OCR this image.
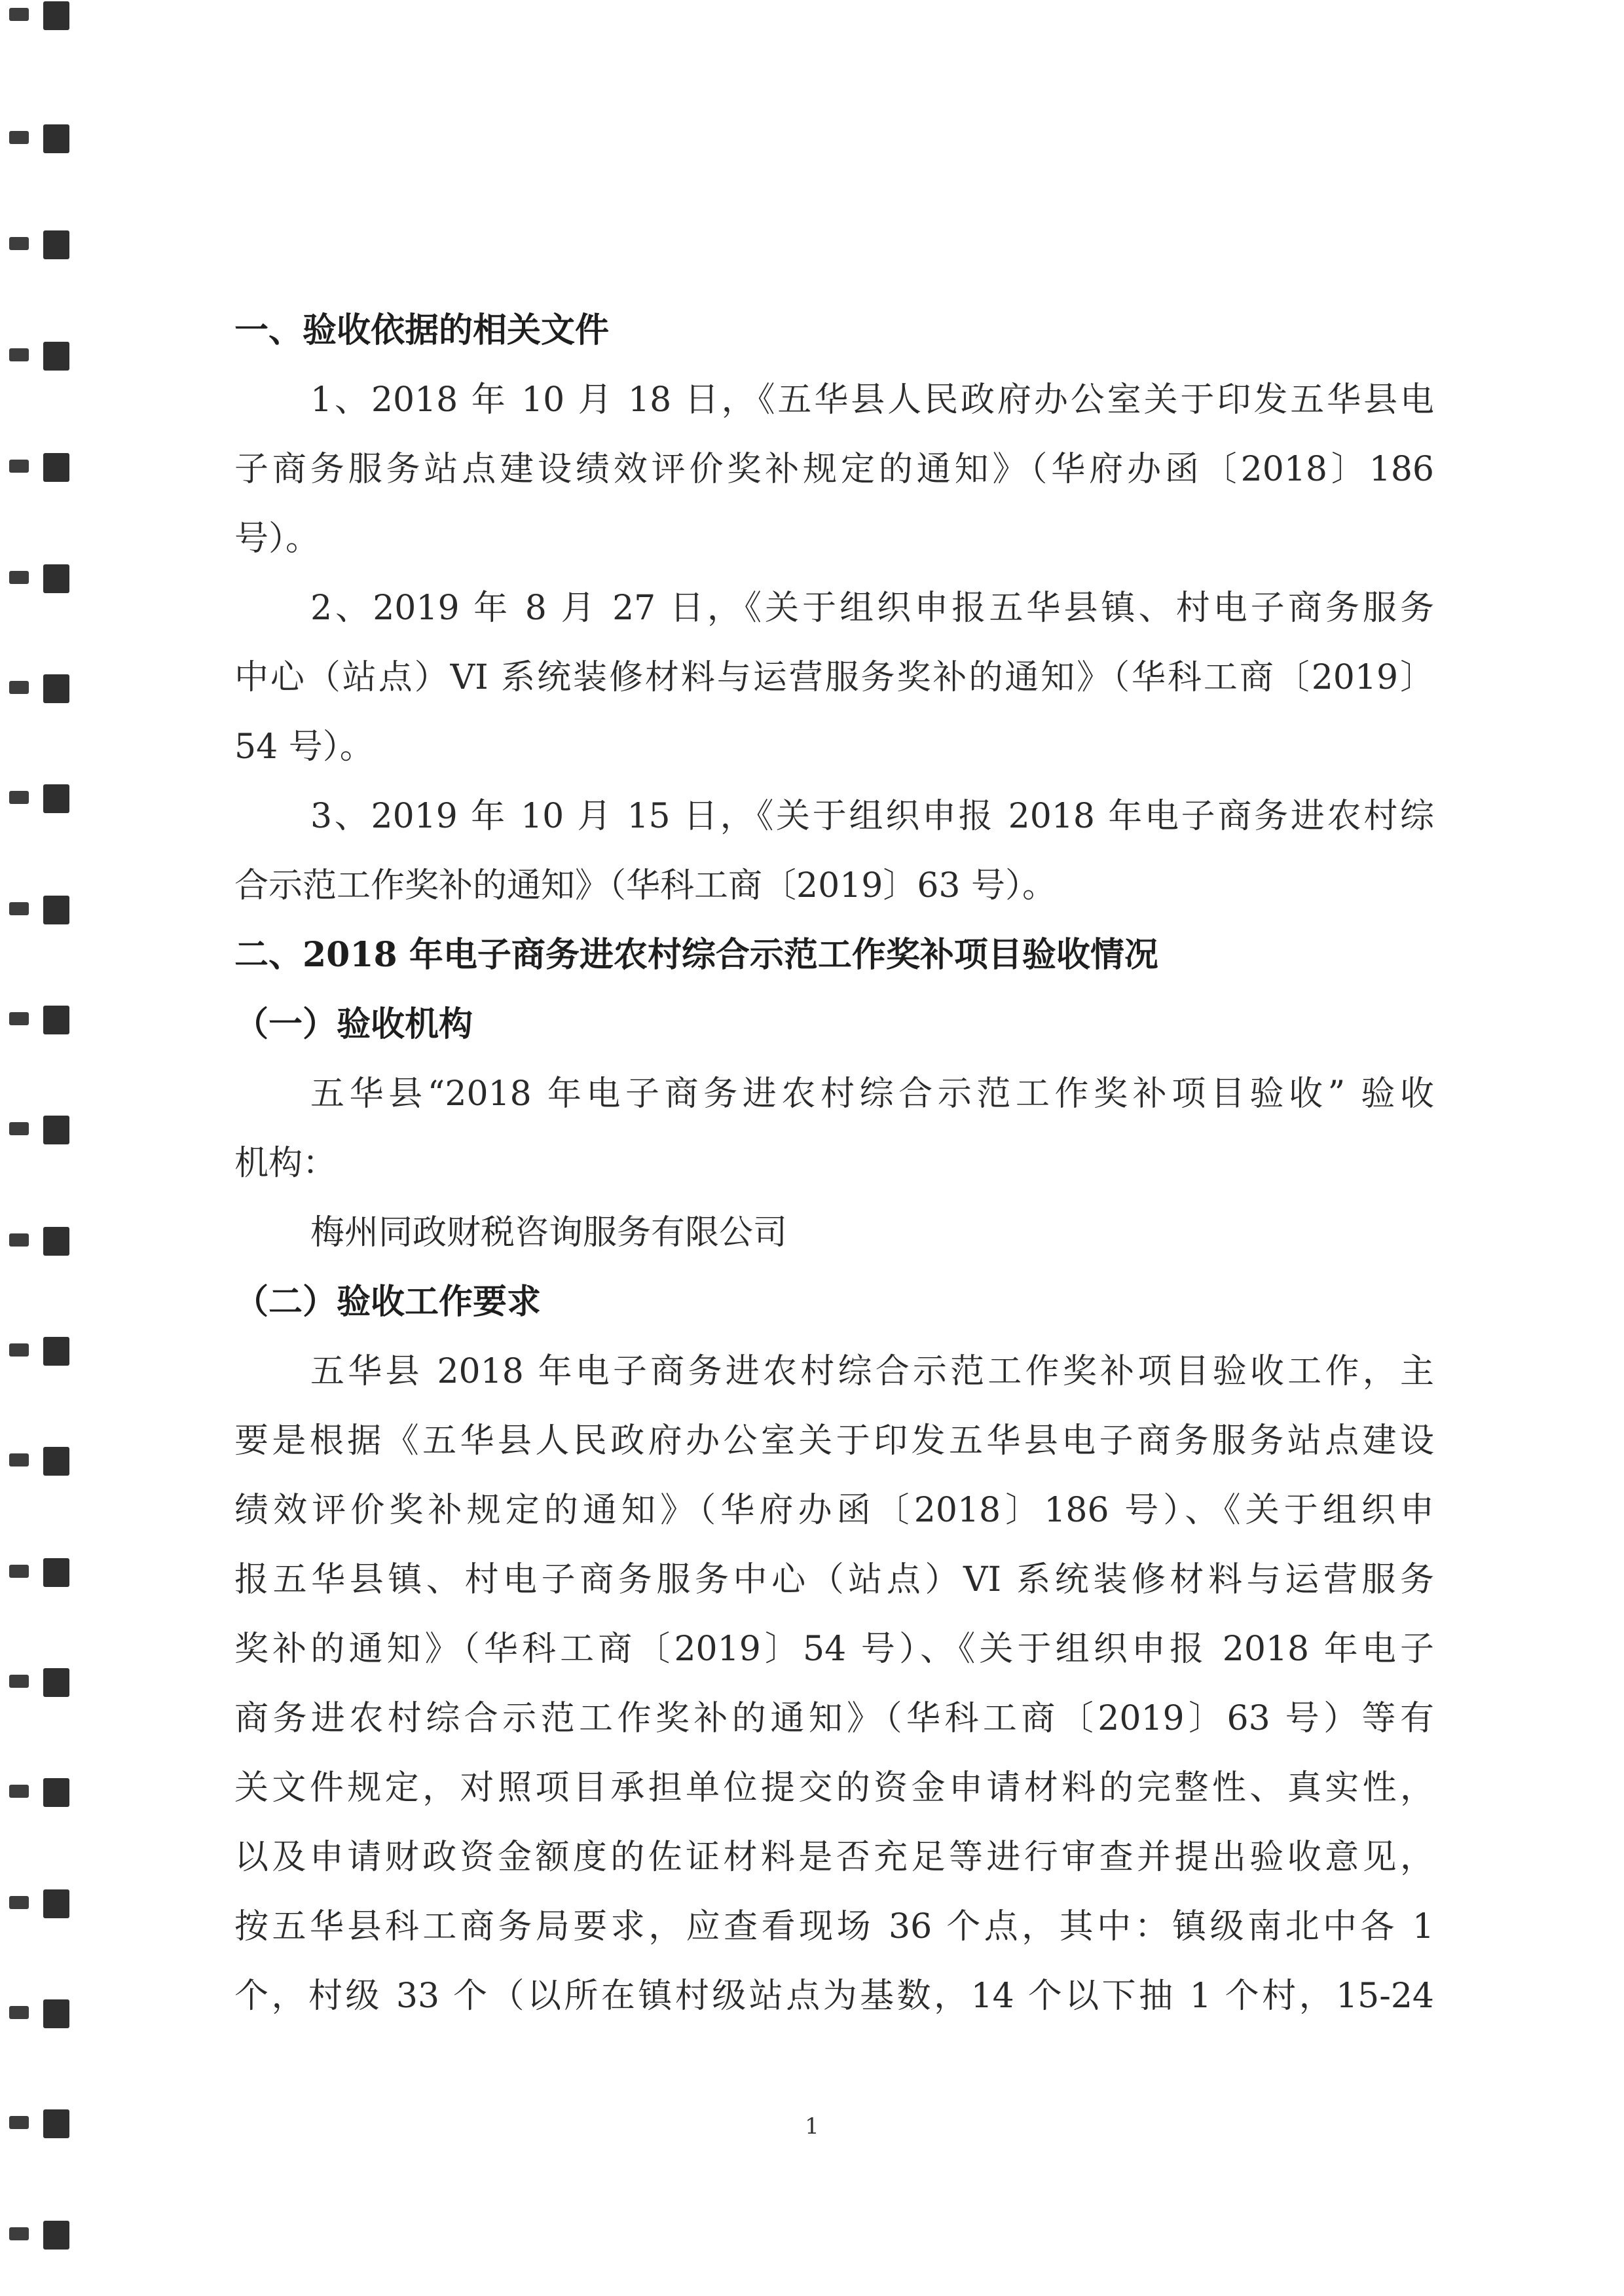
一、验收依据的相关文件
1、2018 年 10 月 18 日，《五华县人民政府办公室关于印发五华县电
子商务服务站点建设绩效评价奖补规定的通知》（华府办函〔2018〕186
号）。
2、2019 年 8 月 27 日，《关于组织申报五华县镇、村电子商务服务
中心（站点）VI 系统装修材料与运营服务奖补的通知》（华科工商〔2019〕
54 号）。
3、2019 年 10 月 15 日，《关于组织申报 2018 年电子商务进农村综
合示范工作奖补的通知》（华科工商〔2019〕63 号）。
二、2018 年电子商务进农村综合示范工作奖补项目验收情况
（一）验收机构
五华县“2018 年电子商务进农村综合示范工作奖补项目验收” 验收
机构：
梅州同政财税咨询服务有限公司
（二）验收工作要求
五华县 2018 年电子商务进农村综合示范工作奖补项目验收工作，主
要是根据《五华县人民政府办公室关于印发五华县电子商务服务站点建设
绩效评价奖补规定的通知》（华府办函〔2018〕186 号）、《关于组织申
报五华县镇、村电子商务服务中心（站点）VI 系统装修材料与运营服务
奖补的通知》（华科工商〔2019〕54 号）、《关于组织申报 2018 年电子
商务进农村综合示范工作奖补的通知》（华科工商〔2019〕63 号）等有
关文件规定，对照项目承担单位提交的资金申请材料的完整性、真实性，
以及申请财政资金额度的佐证材料是否充足等进行审查并提出验收意见，
按五华县科工商务局要求，应查看现场 36 个点，其中：镇级南北中各 1
个，村级 33 个（以所在镇村级站点为基数，14 个以下抽 1 个村，15-24
1
